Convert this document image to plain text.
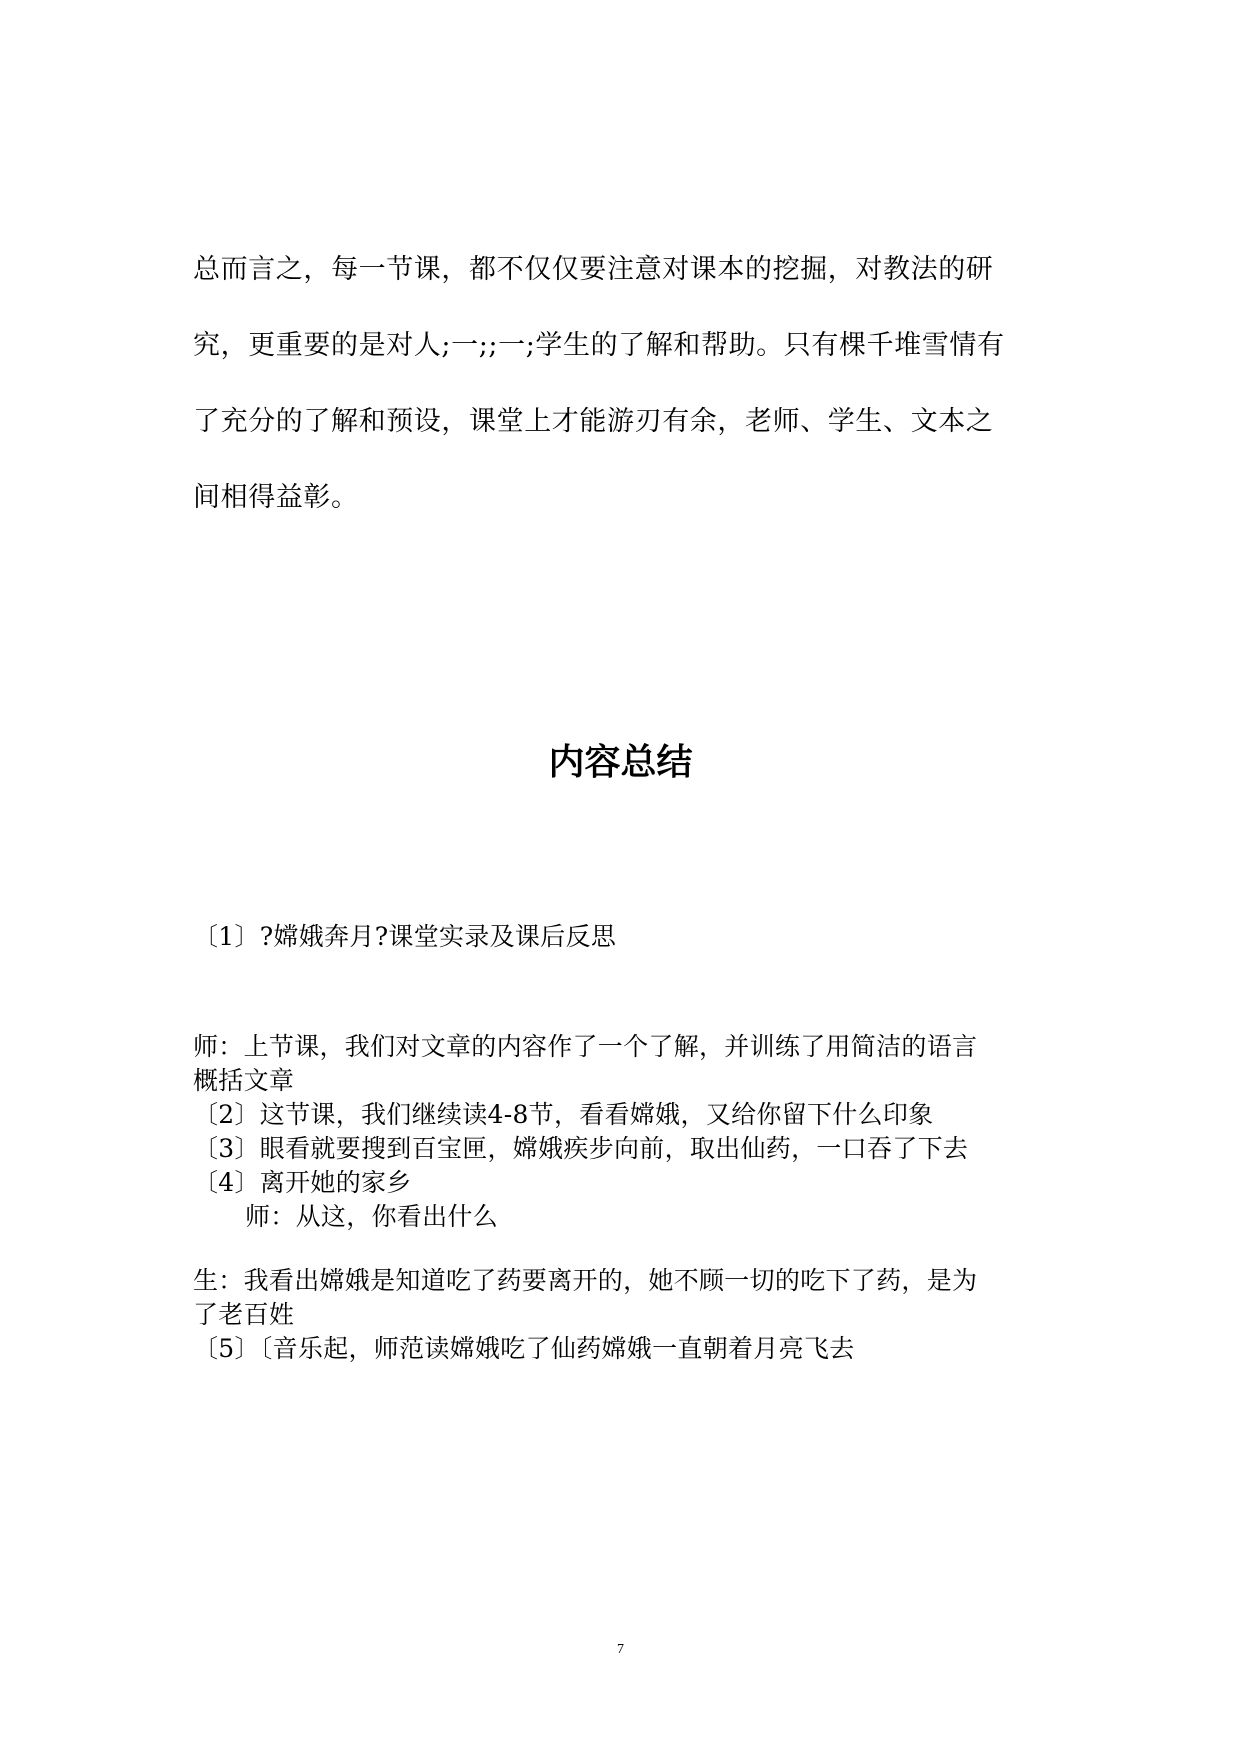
总而言之，每一节课，都不仅仅要注意对课本的挖掘，对教法的研
究，更重要的是对人;一;;一;学生的了解和帮助。只有棵千堆雪情有
了充分的了解和预设，课堂上才能游刃有余，老师、学生、文本之
间相得益彰。
内容总结
〔1〕?嫦娥奔月?课堂实录及课后反思
师：上节课，我们对文章的内容作了一个了解，并训练了用简洁的语言
概括文章
〔2〕这节课，我们继续读4-8节，看看嫦娥，又给你留下什么印象
〔3〕眼看就要搜到百宝匣，嫦娥疾步向前，取出仙药，一口吞了下去
〔4〕离开她的家乡
师：从这，你看出什么
生：我看出嫦娥是知道吃了药要离开的，她不顾一切的吃下了药，是为
了老百姓
〔5〕〔音乐起，师范读嫦娥吃了仙药嫦娥一直朝着月亮飞去
7
